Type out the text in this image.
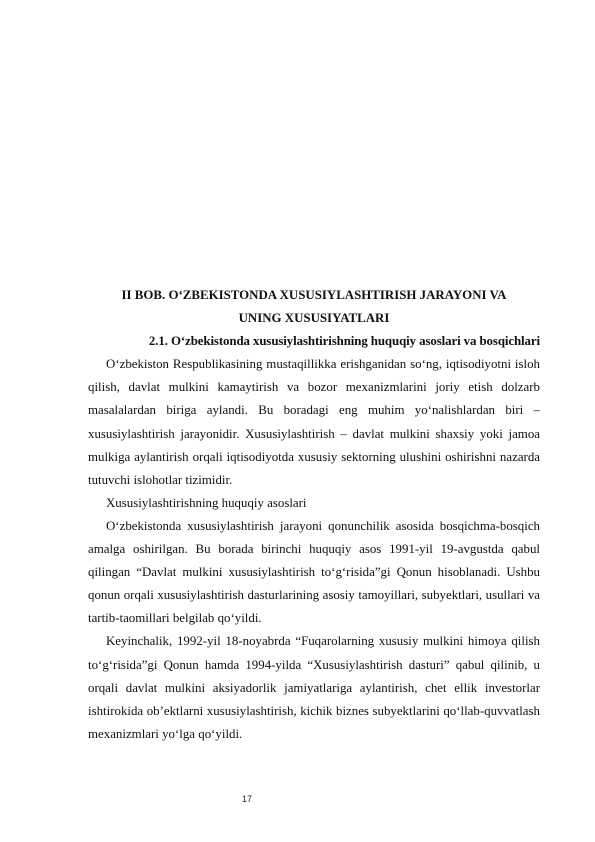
II BOB. O‘ZBEKISTONDA XUSUSIYLASHTIRISH JARAYONI VA

UNING XUSUSIYATLARI

2.1. O‘zbekistonda xususiylashtirishning huquqiy asoslari va bosqichlari

O‘zbekiston Respublikasining mustaqillikka erishganidan so‘ng, iqtisodiyotni isloh qilish, davlat mulkini kamaytirish va bozor mexanizmlarini joriy etish dolzarb masalalardan biriga aylandi. Bu boradagi eng muhim yo‘nalishlardan biri – xususiylashtirish jarayonidir. Xususiylashtirish – davlat mulkini shaxsiy yoki jamoa mulkiga aylantirish orqali iqtisodiyotda xususiy sektorning ulushini oshirishni nazarda tutuvchi islohotlar tizimidir.

Xususiylashtirishning huquqiy asoslari

O‘zbekistonda xususiylashtirish jarayoni qonunchilik asosida bosqichma-bosqich amalga oshirilgan. Bu borada birinchi huquqiy asos 1991-yil 19-avgustda qabul qilingan “Davlat mulkini xususiylashtirish to‘g‘risida”gi Qonun hisoblanadi. Ushbu qonun orqali xususiylashtirish dasturlarining asosiy tamoyillari, subyektlari, usullari va tartib-taomillari belgilab qo‘yildi.

Keyinchalik, 1992-yil 18-noyabrda “Fuqarolarning xususiy mulkini himoya qilish to‘g‘risida”gi Qonun hamda 1994-yilda “Xususiylashtirish dasturi” qabul qilinib, u orqali davlat mulkini aksiyadorlik jamiyatlariga aylantirish, chet ellik investorlar ishtirokida ob’ektlarni xususiylashtirish, kichik biznes subyektlarini qo‘llab-quvvatlash mexanizmlari yo‘lga qo‘yildi.

17
